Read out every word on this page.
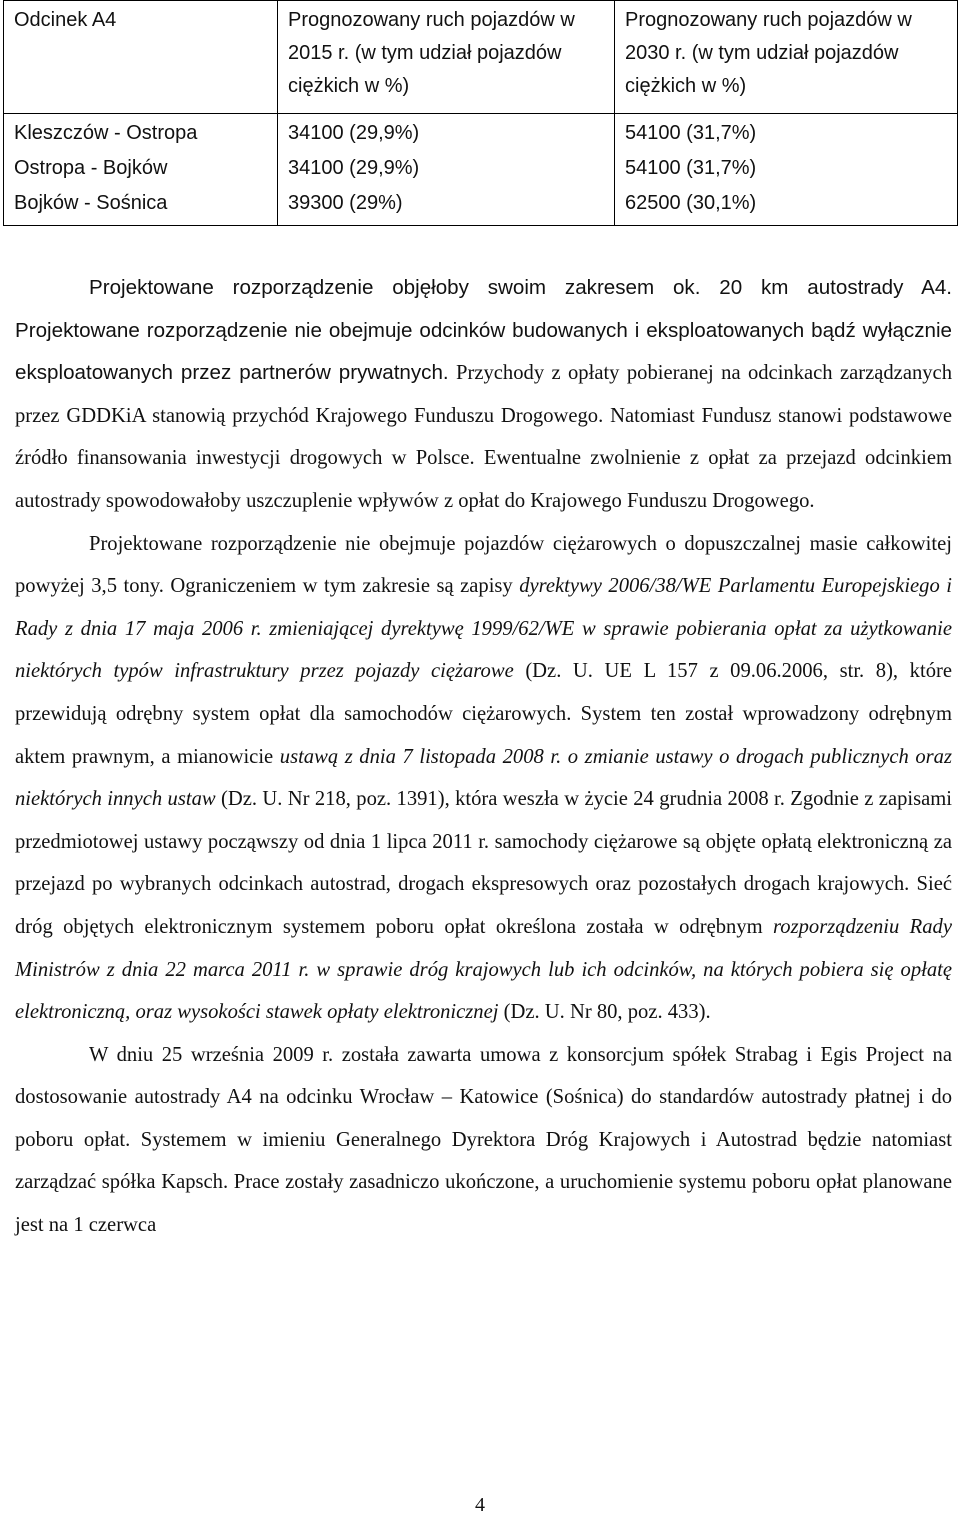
Odcinek A4	Prognozowany ruch pojazdów w 2015 r. (w tym udział pojazdów ciężkich w %)	Prognozowany ruch pojazdów w 2030 r. (w tym udział pojazdów ciężkich w %)
Kleszczów - Ostropa	34100 (29,9%)	54100 (31,7%)
Ostropa - Bojków	34100 (29,9%)	54100 (31,7%)
Bojków - Sośnica	39300 (29%)	62500 (30,1%)

Projektowane rozporządzenie objęłoby swoim zakresem ok. 20 km autostrady A4. Projektowane rozporządzenie nie obejmuje odcinków budowanych i eksploatowanych bądź wyłącznie eksploatowanych przez partnerów prywatnych. Przychody z opłaty pobieranej na odcinkach zarządzanych przez GDDKiA stanowią przychód Krajowego Funduszu Drogowego. Natomiast Fundusz stanowi podstawowe źródło finansowania inwestycji drogowych w Polsce. Ewentualne zwolnienie z opłat za przejazd odcinkiem autostrady spowodowałoby uszczuplenie wpływów z opłat do Krajowego Funduszu Drogowego.

Projektowane rozporządzenie nie obejmuje pojazdów ciężarowych o dopuszczalnej masie całkowitej powyżej 3,5 tony. Ograniczeniem w tym zakresie są zapisy dyrektywy 2006/38/WE Parlamentu Europejskiego i Rady z dnia 17 maja 2006 r. zmieniającej dyrektywę 1999/62/WE w sprawie pobierania opłat za użytkowanie niektórych typów infrastruktury przez pojazdy ciężarowe (Dz. U. UE L 157 z 09.06.2006, str. 8), które przewidują odrębny system opłat dla samochodów ciężarowych. System ten został wprowadzony odrębnym aktem prawnym, a mianowicie ustawą z dnia 7 listopada 2008 r. o zmianie ustawy o drogach publicznych oraz niektórych innych ustaw (Dz. U. Nr 218, poz. 1391), która weszła w życie 24 grudnia 2008 r. Zgodnie z zapisami przedmiotowej ustawy począwszy od dnia 1 lipca 2011 r. samochody ciężarowe są objęte opłatą elektroniczną za przejazd po wybranych odcinkach autostrad, drogach ekspresowych oraz pozostałych drogach krajowych. Sieć dróg objętych elektronicznym systemem poboru opłat określona została w odrębnym rozporządzeniu Rady Ministrów z dnia 22 marca 2011 r. w sprawie dróg krajowych lub ich odcinków, na których pobiera się opłatę elektroniczną, oraz wysokości stawek opłaty elektronicznej (Dz. U. Nr 80, poz. 433).

W dniu 25 września 2009 r. została zawarta umowa z konsorcjum spółek Strabag i Egis Project na dostosowanie autostrady A4 na odcinku Wrocław – Katowice (Sośnica) do standardów autostrady płatnej i do poboru opłat. Systemem w imieniu Generalnego Dyrektora Dróg Krajowych i Autostrad będzie natomiast zarządzać spółka Kapsch. Prace zostały zasadniczo ukończone, a uruchomienie systemu poboru opłat planowane jest na 1 czerwca

4
